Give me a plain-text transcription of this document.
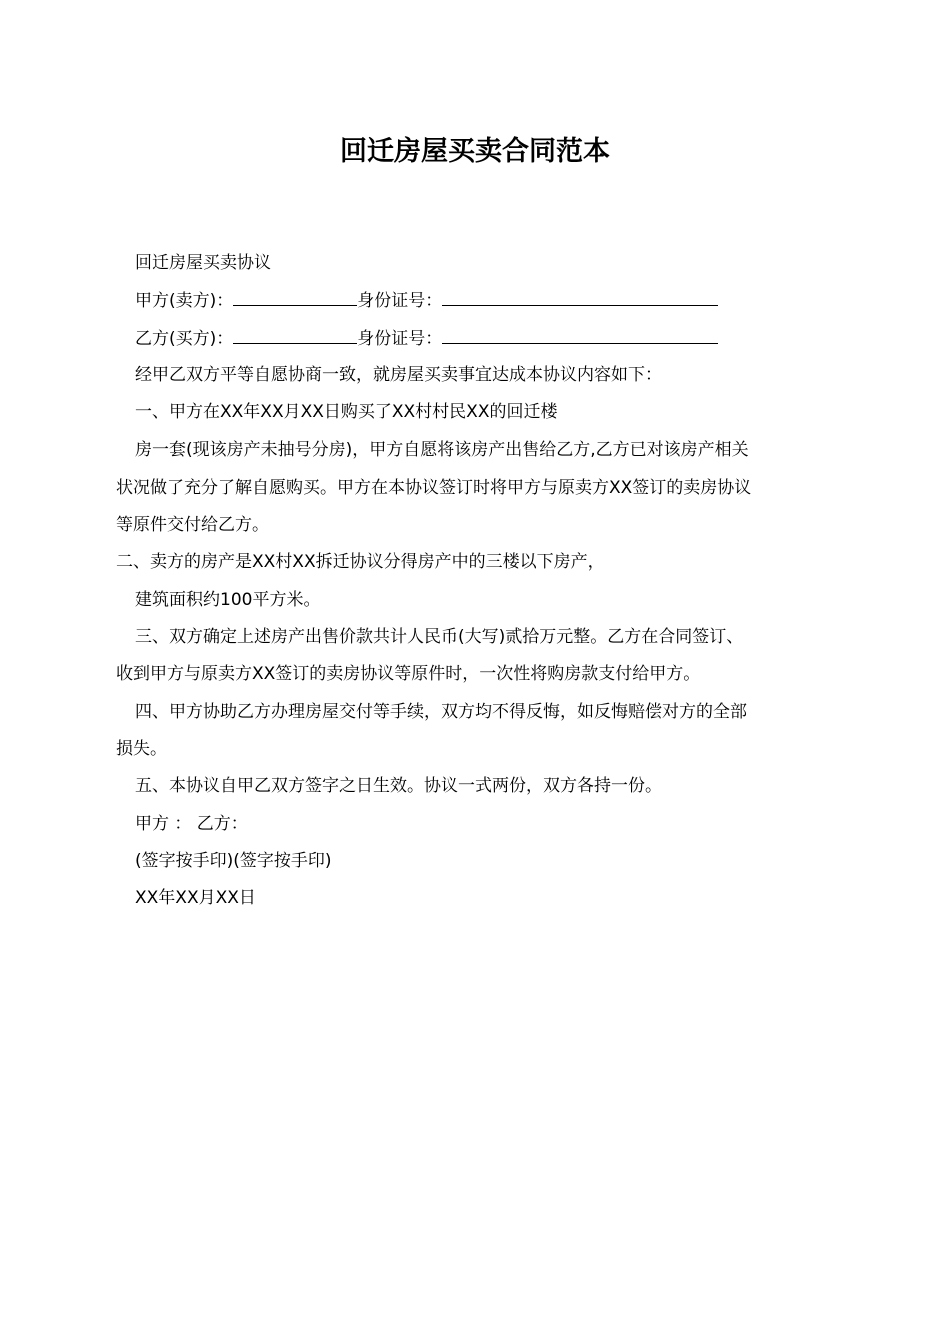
回迁房屋买卖合同范本
回迁房屋买卖协议
甲方(卖方)：	身份证号：
乙方(买方)：	身份证号：
经甲乙双方平等自愿协商一致，就房屋买卖事宜达成本协议内容如下：
一、甲方在XX年XX月XX日购买了XX村村民XX的回迁楼
房一套(现该房产未抽号分房)，甲方自愿将该房产出售给乙方,乙方已对该房产相关
状况做了充分了解自愿购买。甲方在本协议签订时将甲方与原卖方XX签订的卖房协议
等原件交付给乙方。
二、卖方的房产是XX村XX拆迁协议分得房产中的三楼以下房产，
建筑面积约100平方米。
三、双方确定上述房产出售价款共计人民币(大写)贰拾万元整。乙方在合同签订、
收到甲方与原卖方XX签订的卖房协议等原件时，一次性将购房款支付给甲方。
四、甲方协助乙方办理房屋交付等手续，双方均不得反悔，如反悔赔偿对方的全部
损失。
五、本协议自甲乙双方签字之日生效。协议一式两份，双方各持一份。
甲方 ： 乙方：
(签字按手印)(签字按手印)
XX年XX月XX日
